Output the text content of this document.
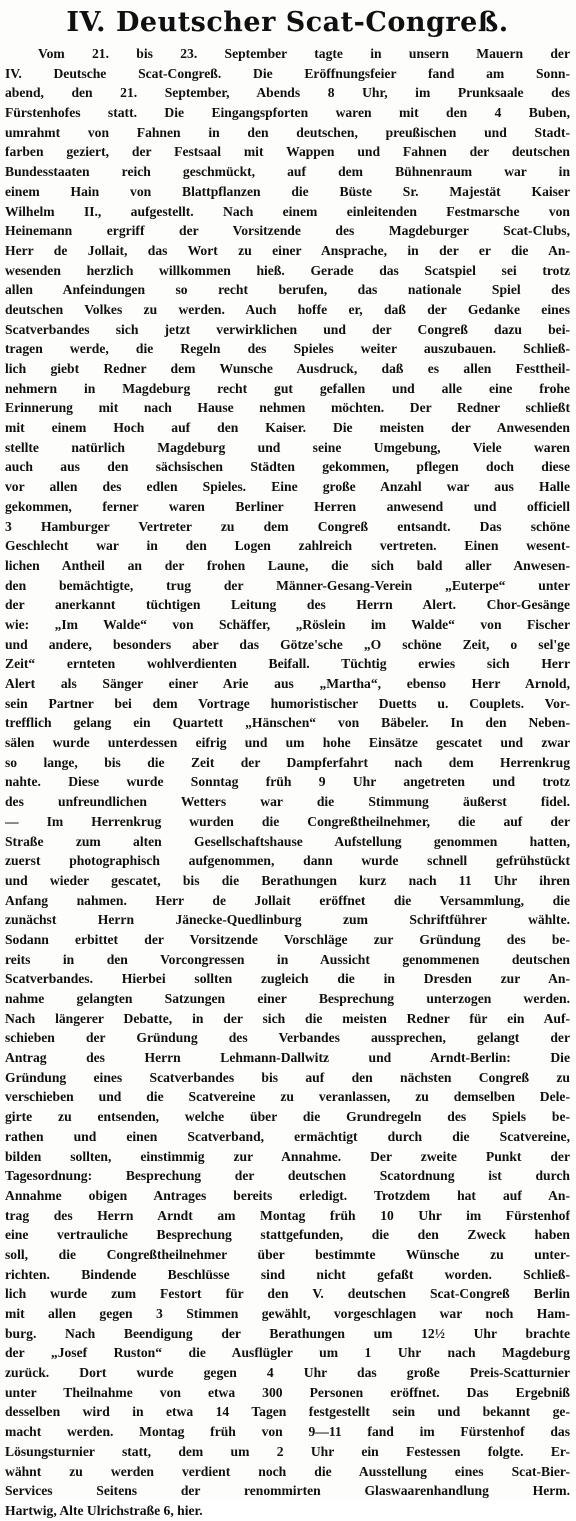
IV. Deutscher Scat-Congreß.
Vom 21. bis 23. September tagte in unsern Mauern der
IV. Deutsche Scat-Congreß. Die Eröffnungsfeier fand am Sonn-
abend, den 21. September, Abends 8 Uhr, im Prunksaale des
Fürstenhofes statt. Die Eingangspforten waren mit den 4 Buben,
umrahmt von Fahnen in den deutschen, preußischen und Stadt-
farben geziert, der Festsaal mit Wappen und Fahnen der deutschen
Bundesstaaten reich geschmückt, auf dem Bühnenraum war in
einem Hain von Blattpflanzen die Büste Sr. Majestät Kaiser
Wilhelm II., aufgestellt. Nach einem einleitenden Festmarsche von
Heinemann ergriff der Vorsitzende des Magdeburger Scat-Clubs,
Herr de Jollait, das Wort zu einer Ansprache, in der er die An-
wesenden herzlich willkommen hieß. Gerade das Scatspiel sei trotz
allen Anfeindungen so recht berufen, das nationale Spiel des
deutschen Volkes zu werden. Auch hoffe er, daß der Gedanke eines
Scatverbandes sich jetzt verwirklichen und der Congreß dazu bei-
tragen werde, die Regeln des Spieles weiter auszubauen. Schließ-
lich giebt Redner dem Wunsche Ausdruck, daß es allen Festtheil-
nehmern in Magdeburg recht gut gefallen und alle eine frohe
Erinnerung mit nach Hause nehmen möchten. Der Redner schließt
mit einem Hoch auf den Kaiser. Die meisten der Anwesenden
stellte natürlich Magdeburg und seine Umgebung, Viele waren
auch aus den sächsischen Städten gekommen, pflegen doch diese
vor allen des edlen Spieles. Eine große Anzahl war aus Halle
gekommen, ferner waren Berliner Herren anwesend und officiell
3 Hamburger Vertreter zu dem Congreß entsandt. Das schöne
Geschlecht war in den Logen zahlreich vertreten. Einen wesent-
lichen Antheil an der frohen Laune, die sich bald aller Anwesen-
den bemächtigte, trug der Männer-Gesang-Verein „Euterpe“ unter
der anerkannt tüchtigen Leitung des Herrn Alert. Chor-Gesänge
wie: „Im Walde“ von Schäffer, „Röslein im Walde“ von Fischer
und andere, besonders aber das Götze'sche „O schöne Zeit, o sel'ge
Zeit“ ernteten wohlverdienten Beifall. Tüchtig erwies sich Herr
Alert als Sänger einer Arie aus „Martha“, ebenso Herr Arnold,
sein Partner bei dem Vortrage humoristischer Duetts u. Couplets. Vor-
trefflich gelang ein Quartett „Hänschen“ von Bäbeler. In den Neben-
sälen wurde unterdessen eifrig und um hohe Einsätze gescatet und zwar
so lange, bis die Zeit der Dampferfahrt nach dem Herrenkrug
nahte. Diese wurde Sonntag früh 9 Uhr angetreten und trotz
des unfreundlichen Wetters war die Stimmung äußerst fidel.
— Im Herrenkrug wurden die Congreßtheilnehmer, die auf der
Straße zum alten Gesellschaftshause Aufstellung genommen hatten,
zuerst photographisch aufgenommen, dann wurde schnell gefrühstückt
und wieder gescatet, bis die Berathungen kurz nach 11 Uhr ihren
Anfang nahmen. Herr de Jollait eröffnet die Versammlung, die
zunächst Herrn Jänecke-Quedlinburg zum Schriftführer wählte.
Sodann erbittet der Vorsitzende Vorschläge zur Gründung des be-
reits in den Vorcongressen in Aussicht genommenen deutschen
Scatverbandes. Hierbei sollten zugleich die in Dresden zur An-
nahme gelangten Satzungen einer Besprechung unterzogen werden.
Nach längerer Debatte, in der sich die meisten Redner für ein Auf-
schieben der Gründung des Verbandes aussprechen, gelangt der
Antrag des Herrn Lehmann-Dallwitz und Arndt-Berlin: Die
Gründung eines Scatverbandes bis auf den nächsten Congreß zu
verschieben und die Scatvereine zu veranlassen, zu demselben Dele-
girte zu entsenden, welche über die Grundregeln des Spiels be-
rathen und einen Scatverband, ermächtigt durch die Scatvereine,
bilden sollten, einstimmig zur Annahme. Der zweite Punkt der
Tagesordnung: Besprechung der deutschen Scatordnung ist durch
Annahme obigen Antrages bereits erledigt. Trotzdem hat auf An-
trag des Herrn Arndt am Montag früh 10 Uhr im Fürstenhof
eine vertrauliche Besprechung stattgefunden, die den Zweck haben
soll, die Congreßtheilnehmer über bestimmte Wünsche zu unter-
richten. Bindende Beschlüsse sind nicht gefaßt worden. Schließ-
lich wurde zum Festort für den V. deutschen Scat-Congreß Berlin
mit allen gegen 3 Stimmen gewählt, vorgeschlagen war noch Ham-
burg. Nach Beendigung der Berathungen um 12½ Uhr brachte
der „Josef Ruston“ die Ausflügler um 1 Uhr nach Magdeburg
zurück. Dort wurde gegen 4 Uhr das große Preis-Scatturnier
unter Theilnahme von etwa 300 Personen eröffnet. Das Ergebniß
desselben wird in etwa 14 Tagen festgestellt sein und bekannt ge-
macht werden. Montag früh von 9—11 fand im Fürstenhof das
Lösungsturnier statt, dem um 2 Uhr ein Festessen folgte. Er-
wähnt zu werden verdient noch die Ausstellung eines Scat-Bier-
Services Seitens der renommirten Glaswaarenhandlung Herm.
Hartwig, Alte Ulrichstraße 6, hier.
